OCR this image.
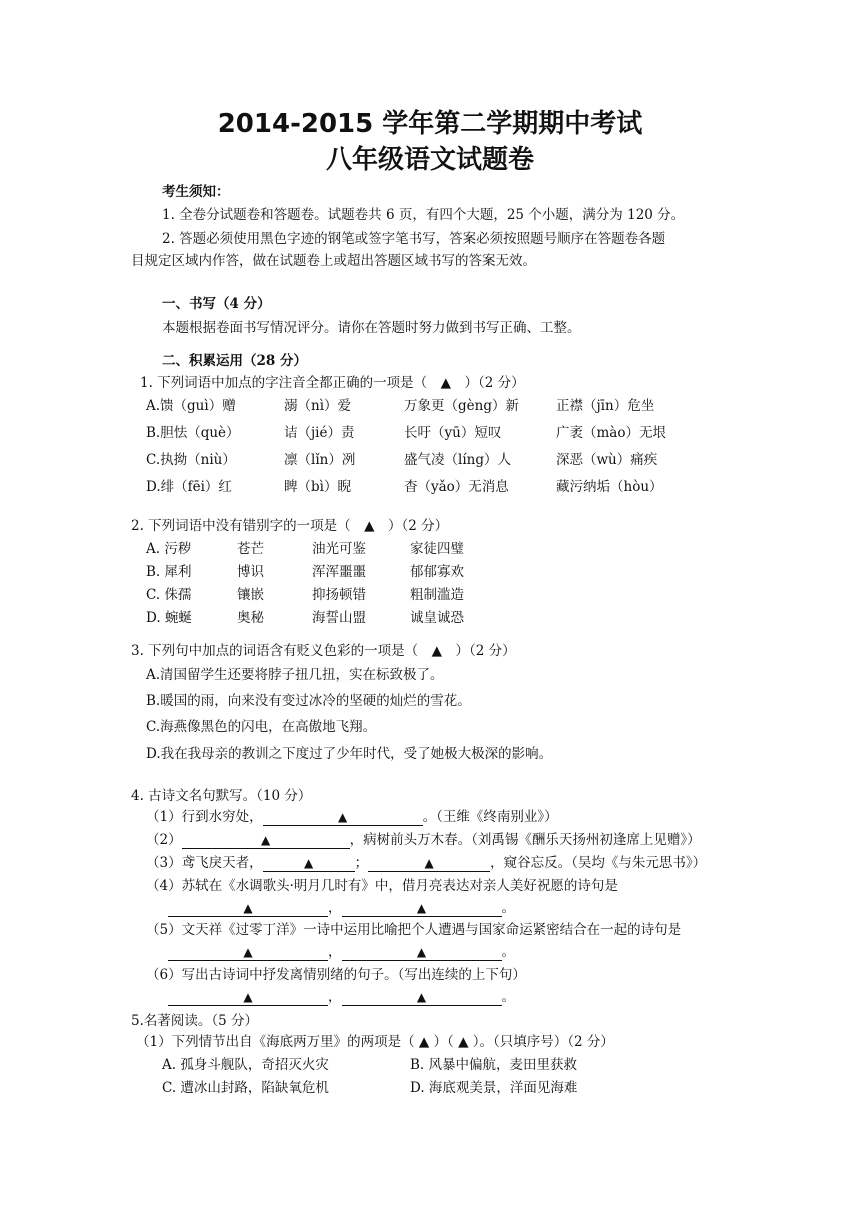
2014-2015 学年第二学期期中考试
八年级语文试题卷
考生须知：
1. 全卷分试题卷和答题卷。试题卷共 6 页，有四个大题，25 个小题，满分为 120 分。
2. 答题必须使用黑色字迹的钢笔或签字笔书写，答案必须按照题号顺序在答题卷各题
目规定区域内作答，做在试题卷上或超出答题区域书写的答案无效。
一、书写（4 分）
本题根据卷面书写情况评分。请你在答题时努力做到书写正确、工整。
二、积累运用（28 分）
1. 下列词语中加点的字注音全都正确的一项是（　▲　）（2 分）
A.馈（guì）赠	溺（nì）爱	万象更（gèng）新	正襟（jīn）危坐
B.胆怯（què）	诘（jié）责	长吁（yū）短叹	广袤（mào）无垠
C.执拗（niù）	凛（lǐn）冽	盛气凌（líng）人	深恶（wù）痛疾
D.绯（fēi）红	睥（bì）睨	杳（yǎo）无消息	藏污纳垢（hòu）
2. 下列词语中没有错别字的一项是（　▲　）（2 分）
A. 污秽	苍芒	油光可鉴	家徒四璧
B. 犀利	博识	浑浑噩噩	郁郁寡欢
C. 侏孺	镶嵌	抑扬顿错	粗制滥造
D. 蜿蜒	奥秘	海誓山盟	诚皇诚恐
3. 下列句中加点的词语含有贬义色彩的一项是（　▲　）（2 分）
A.清国留学生还要将脖子扭几扭，实在标致极了。
B.暖国的雨，向来没有变过冰冷的坚硬的灿烂的雪花。
C.海燕像黑色的闪电，在高傲地飞翔。
D.我在我母亲的教训之下度过了少年时代，受了她极大极深的影响。
4. 古诗文名句默写。（10 分）
（1）行到水穷处，	▲	。（王维《终南别业》）
（2）	▲	，病树前头万木春。（刘禹锡《酬乐天扬州初逢席上见赠》）
（3）鸢飞戾天者，	▲	；	▲	，窥谷忘反。（吴均《与朱元思书》）
（4）苏轼在《水调歌头·明月几时有》中，借月亮表达对亲人美好祝愿的诗句是
▲	，	▲	。
（5）文天祥《过零丁洋》一诗中运用比喻把个人遭遇与国家命运紧密结合在一起的诗句是
▲	，	▲	。
（6）写出古诗词中抒发离情别绪的句子。（写出连续的上下句）
▲	，	▲	。
5.名著阅读。（5 分）
（1）下列情节出自《海底两万里》的两项是（ ▲ ）（ ▲ ）。（只填序号）（2 分）
A. 孤身斗舰队，奇招灭火灾	B. 风暴中偏航，麦田里获救
C. 遭冰山封路，陷缺氧危机	D. 海底观美景，洋面见海难
